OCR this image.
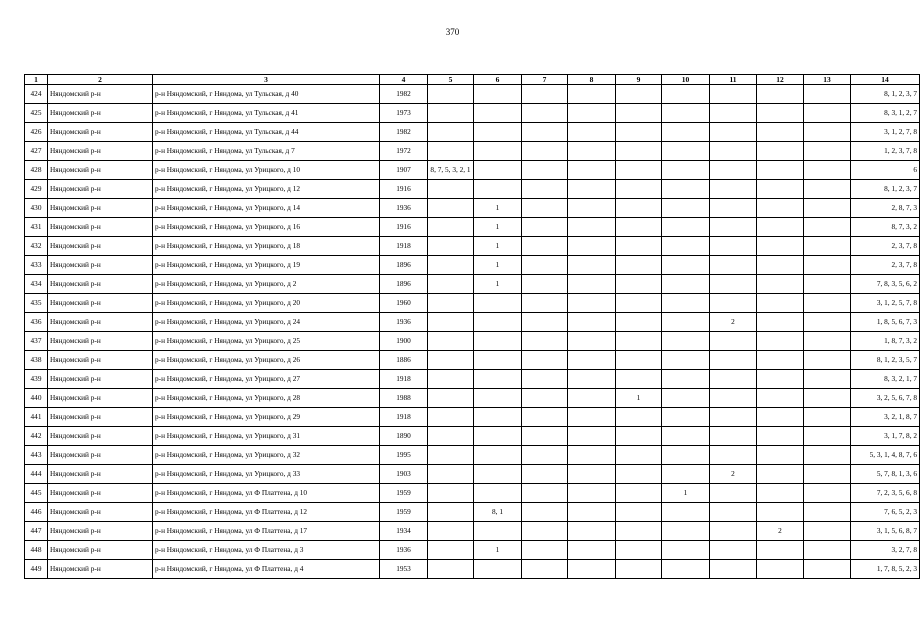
370
1	2	3	4	5	6	7	8	9	10	11	12	13	14
424	Няндомский р-н	р-н Няндомский, г Няндома, ул Тульская, д 40	1982										8, 1, 2, 3, 7
425	Няндомский р-н	р-н Няндомский, г Няндома, ул Тульская, д 41	1973										8, 3, 1, 2, 7
426	Няндомский р-н	р-н Няндомский, г Няндома, ул Тульская, д 44	1982										3, 1, 2, 7, 8
427	Няндомский р-н	р-н Няндомский, г Няндома, ул Тульская, д 7	1972										1, 2, 3, 7, 8
428	Няндомский р-н	р-н Няндомский, г Няндома, ул Урицкого, д 10	1907	8, 7, 5, 3, 2, 1									6
429	Няндомский р-н	р-н Няндомский, г Няндома, ул Урицкого, д 12	1916										8, 1, 2, 3, 7
430	Няндомский р-н	р-н Няндомский, г Няндома, ул Урицкого, д 14	1936		1								2, 8, 7, 3
431	Няндомский р-н	р-н Няндомский, г Няндома, ул Урицкого, д 16	1916		1								8, 7, 3, 2
432	Няндомский р-н	р-н Няндомский, г Няндома, ул Урицкого, д 18	1918		1								2, 3, 7, 8
433	Няндомский р-н	р-н Няндомский, г Няндома, ул Урицкого, д 19	1896		1								2, 3, 7, 8
434	Няндомский р-н	р-н Няндомский, г Няндома, ул Урицкого, д 2	1896		1								7, 8, 3, 5, 6, 2
435	Няндомский р-н	р-н Няндомский, г Няндома, ул Урицкого, д 20	1960										3, 1, 2, 5, 7, 8
436	Няндомский р-н	р-н Няндомский, г Няндома, ул Урицкого, д 24	1936							2			1, 8, 5, 6, 7, 3
437	Няндомский р-н	р-н Няндомский, г Няндома, ул Урицкого, д 25	1900										1, 8, 7, 3, 2
438	Няндомский р-н	р-н Няндомский, г Няндома, ул Урицкого, д 26	1886										8, 1, 2, 3, 5, 7
439	Няндомский р-н	р-н Няндомский, г Няндома, ул Урицкого, д 27	1918										8, 3, 2, 1, 7
440	Няндомский р-н	р-н Няндомский, г Няндома, ул Урицкого, д 28	1988					1					3, 2, 5, 6, 7, 8
441	Няндомский р-н	р-н Няндомский, г Няндома, ул Урицкого, д 29	1918										3, 2, 1, 8, 7
442	Няндомский р-н	р-н Няндомский, г Няндома, ул Урицкого, д 31	1890										3, 1, 7, 8, 2
443	Няндомский р-н	р-н Няндомский, г Няндома, ул Урицкого, д 32	1995										5, 3, 1, 4, 8, 7, 6
444	Няндомский р-н	р-н Няндомский, г Няндома, ул Урицкого, д 33	1903							2			5, 7, 8, 1, 3, 6
445	Няндомский р-н	р-н Няндомский, г Няндома, ул Ф Платтена, д 10	1959						1				7, 2, 3, 5, 6, 8
446	Няндомский р-н	р-н Няндомский, г Няндома, ул Ф Платтена, д 12	1959		8, 1								7, 6, 5, 2, 3
447	Няндомский р-н	р-н Няндомский, г Няндома, ул Ф Платтена, д 17	1934								2		3, 1, 5, 6, 8, 7
448	Няндомский р-н	р-н Няндомский, г Няндома, ул Ф Платтена, д 3	1936		1								3, 2, 7, 8
449	Няндомский р-н	р-н Няндомский, г Няндома, ул Ф Платтена, д 4	1953										1, 7, 8, 5, 2, 3
